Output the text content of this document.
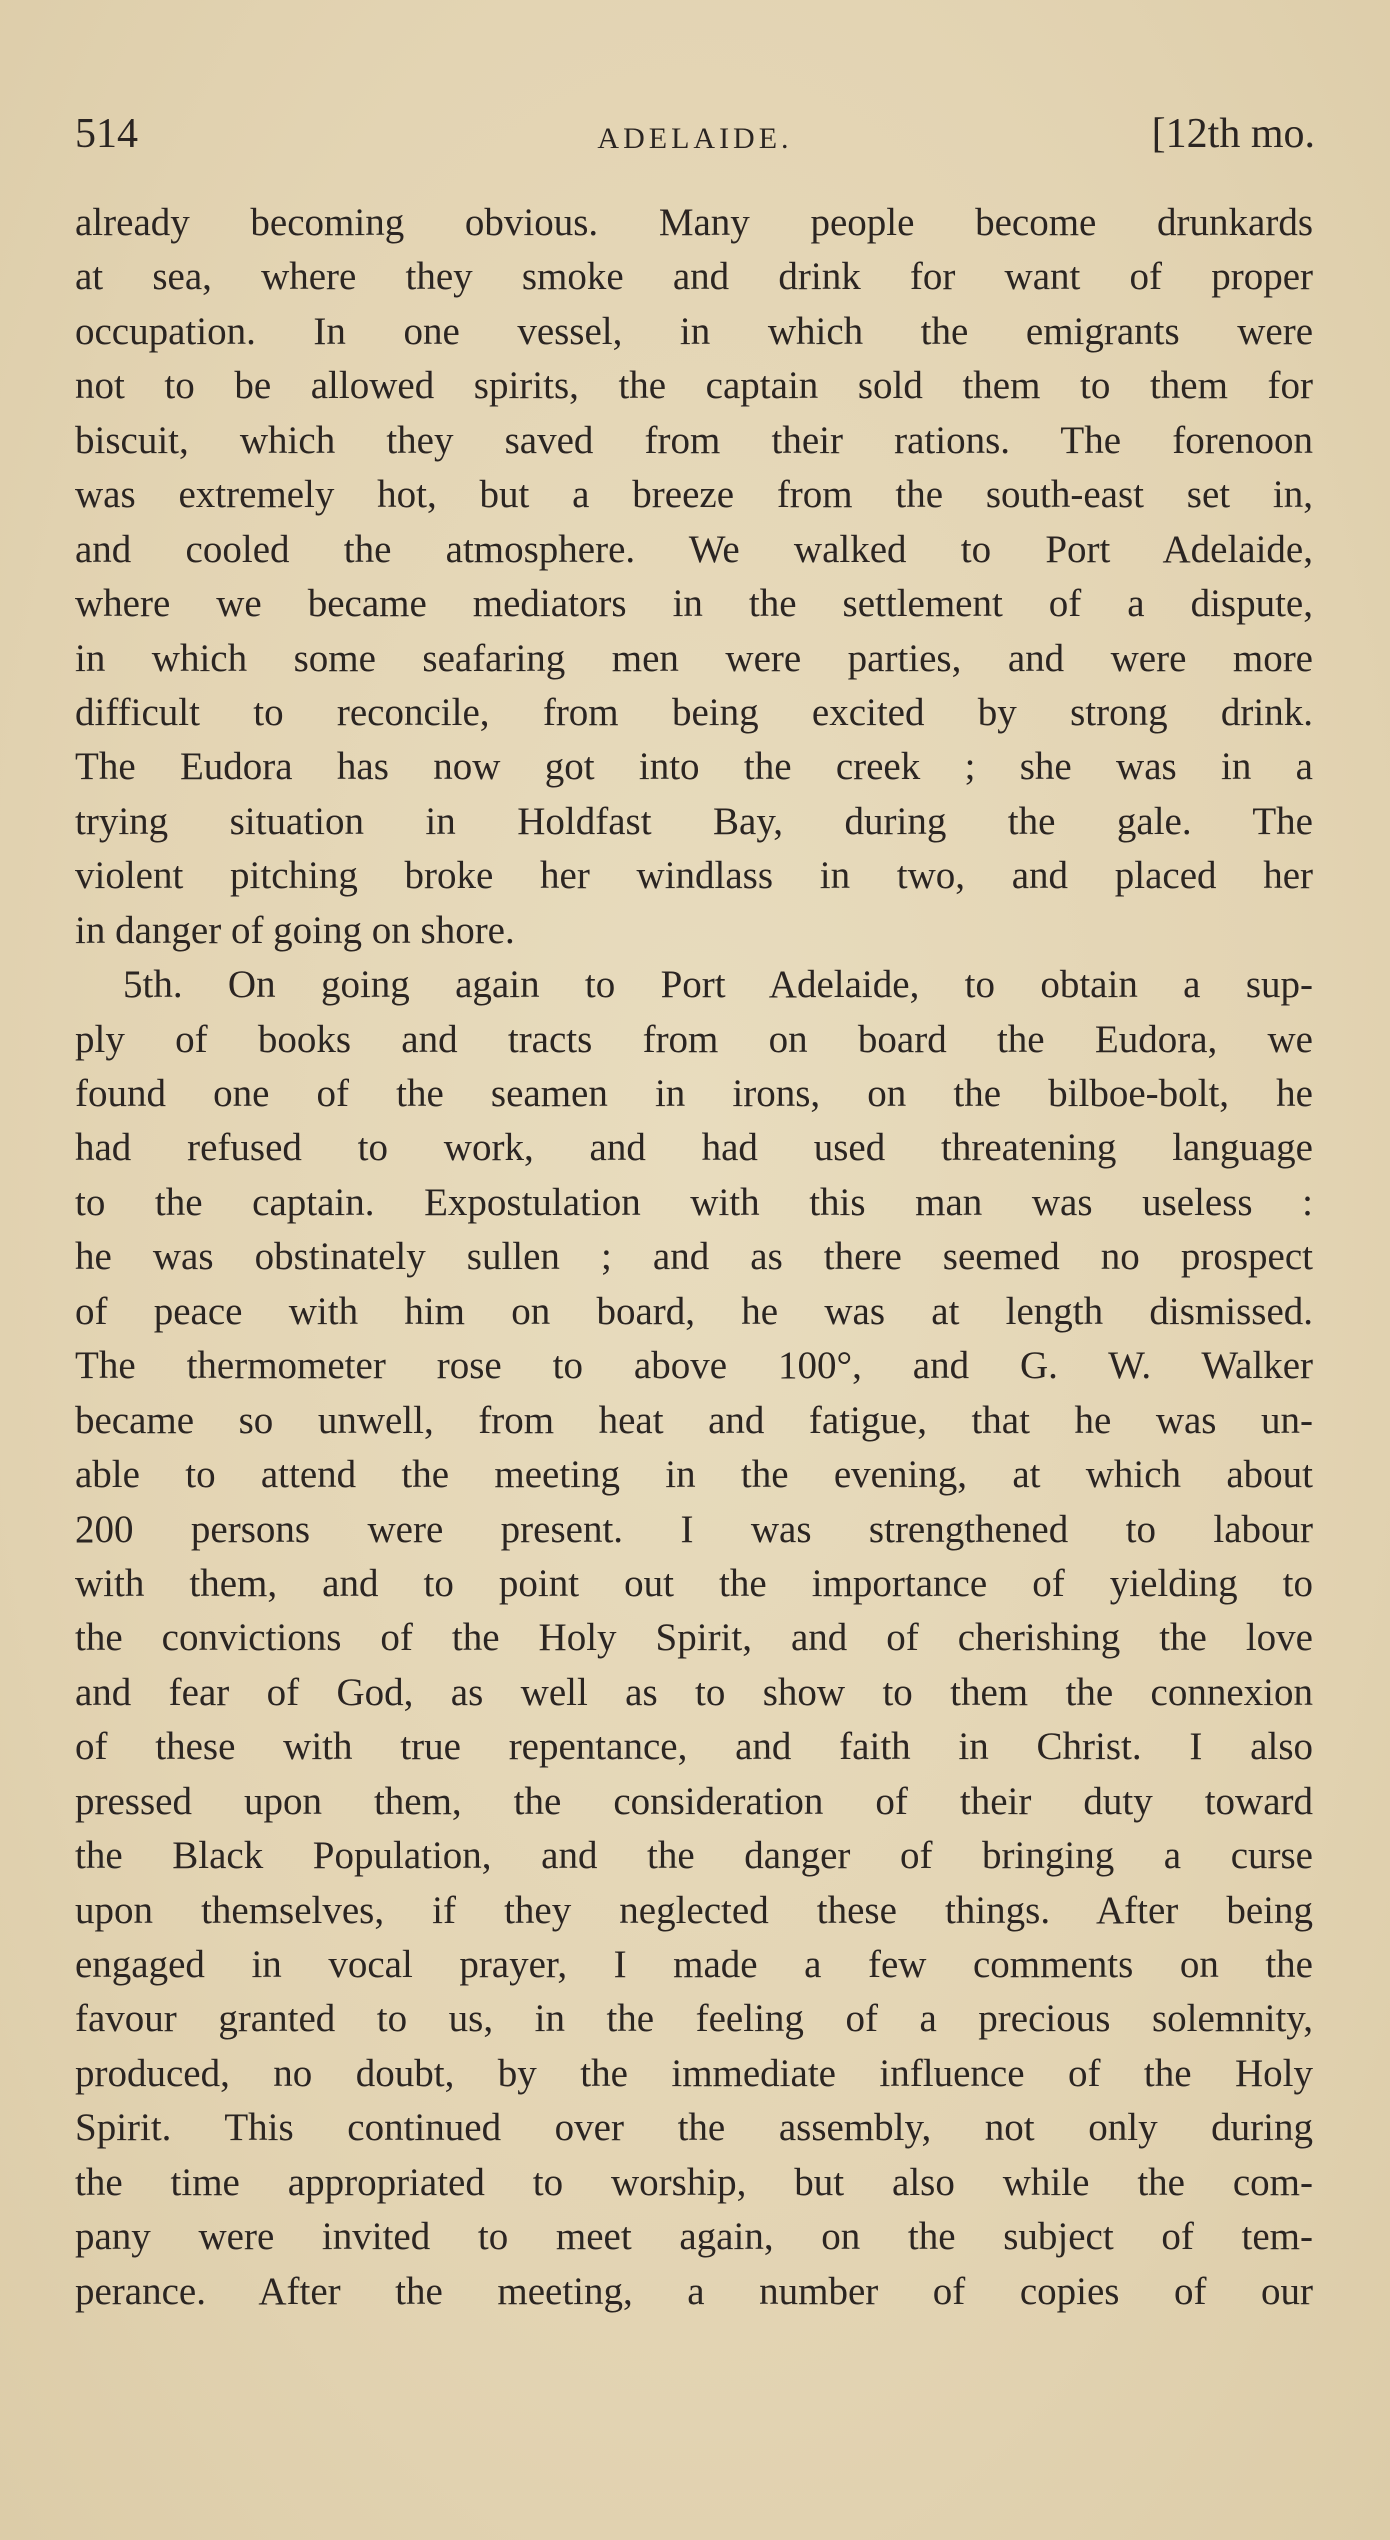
514	ADELAIDE.	[12th mo.
already becoming obvious. Many people become drunkards
at sea, where they smoke and drink for want of proper
occupation. In one vessel, in which the emigrants were
not to be allowed spirits, the captain sold them to them for
biscuit, which they saved from their rations. The forenoon
was extremely hot, but a breeze from the south-east set in,
and cooled the atmosphere. We walked to Port Adelaide,
where we became mediators in the settlement of a dispute,
in which some seafaring men were parties, and were more
difficult to reconcile, from being excited by strong drink.
The Eudora has now got into the creek ; she was in a
trying situation in Holdfast Bay, during the gale. The
violent pitching broke her windlass in two, and placed her
in danger of going on shore.
5th. On going again to Port Adelaide, to obtain a sup-
ply of books and tracts from on board the Eudora, we
found one of the seamen in irons, on the bilboe-bolt, he
had refused to work, and had used threatening language
to the captain. Expostulation with this man was useless :
he was obstinately sullen ; and as there seemed no prospect
of peace with him on board, he was at length dismissed.
The thermometer rose to above 100°, and G. W. Walker
became so unwell, from heat and fatigue, that he was un-
able to attend the meeting in the evening, at which about
200 persons were present. I was strengthened to labour
with them, and to point out the importance of yielding to
the convictions of the Holy Spirit, and of cherishing the love
and fear of God, as well as to show to them the connexion
of these with true repentance, and faith in Christ. I also
pressed upon them, the consideration of their duty toward
the Black Population, and the danger of bringing a curse
upon themselves, if they neglected these things. After being
engaged in vocal prayer, I made a few comments on the
favour granted to us, in the feeling of a precious solemnity,
produced, no doubt, by the immediate influence of the Holy
Spirit. This continued over the assembly, not only during
the time appropriated to worship, but also while the com-
pany were invited to meet again, on the subject of tem-
perance. After the meeting, a number of copies of our
